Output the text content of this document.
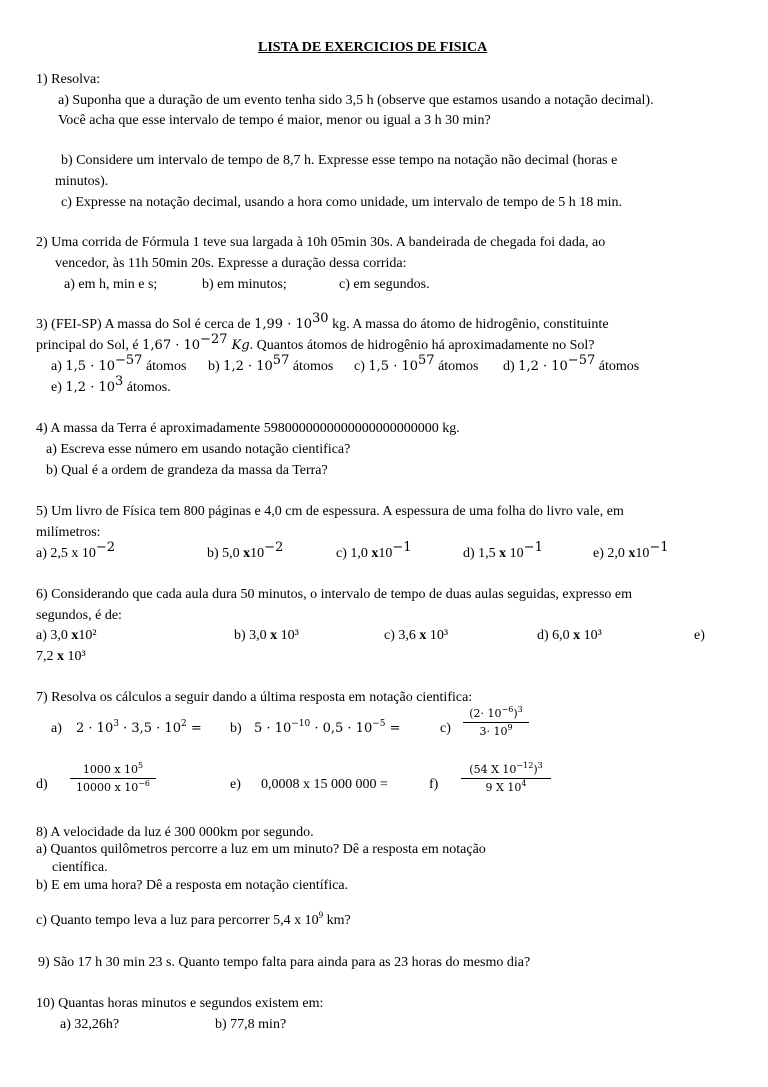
LISTA DE EXERCICIOS DE FISICA
1) Resolva:
a) Suponha que a duração de um evento tenha sido 3,5 h (observe que estamos usando a notação decimal).
Você acha que esse intervalo de tempo é maior, menor ou igual a 3 h 30 min?
b) Considere um intervalo de tempo de 8,7 h. Expresse esse tempo na notação não decimal (horas e
minutos).
c) Expresse na notação decimal, usando a hora como unidade, um intervalo de tempo de 5 h 18 min.
2) Uma corrida de Fórmula 1 teve sua largada à 10h 05min 30s. A bandeirada de chegada foi dada, ao
vencedor, às 11h 50min 20s. Expresse a duração dessa corrida:
a) em h, min e s;	b) em minutos;	c) em segundos.
3) (FEI-SP) A massa do Sol é cerca de $1,99 \cdot 10^{30}$ kg. A massa do átomo de hidrogênio, constituinte
principal do Sol, é $1,67 \cdot 10^{-27}$ Kg. Quantos átomos de hidrogênio há aproximadamente no Sol?
a) $1,5 \cdot 10^{-57}$ átomos b) $1,2 \cdot 10^{57}$ átomos c) $1,5 \cdot 10^{57}$ átomos d) $1,2 \cdot 10^{-57}$ átomos
e) $1,2 \cdot 10^3$ átomos.
4) A massa da Terra é aproximadamente 5980000000000000000000000 kg.
a) Escreva esse número em usando notação cientifica?
b) Qual é a ordem de grandeza da massa da Terra?
5) Um livro de Física tem 800 páginas e 4,0 cm de espessura. A espessura de uma folha do livro vale, em
milímetros:
a) 2,5 x $10^{-2}$	b) 5,0 $x10^{-2}$	c) 1,0 $x10^{-1}$	d) 1,5 x $10^{-1}$	e) 2,0 $x10^{-1}$
6) Considerando que cada aula dura 50 minutos, o intervalo de tempo de duas aulas seguidas, expresso em
segundos, é de:
a) 3,0 x10²	b) 3,0 x 10³	c) 3,6 x 10³	d) 6,0 x 10³	e)
7,2 x 10³
7) Resolva os cálculos a seguir dando a última resposta em notação cientifica:
a) $2 \cdot 10^3 \cdot 3,5 \cdot 10^2 = b$) $5 \cdot 10^{-10} \cdot 0,5 \cdot 10^{-5}$ =	$c) \frac{(2\cdot 10^{-6})^3}{3\cdot 10^9}$
$d) \frac{1000 x 10^5}{10000 x 10^{-6}}$	e) 0,0008 x 15 000 000 =	$f) \frac{(54 X 10^{-12})^3}{9 X 10^4}$
8) A velocidade da luz é 300 000km por segundo.
a) Quantos quilômetros percorre a luz em um minuto? Dê a resposta em notação
científica.
b) E em uma hora? Dê a resposta em notação científica.
c) Quanto tempo leva a luz para percorrer 5,4 x $10^9$ km?
9) São 17 h 30 min 23 s. Quanto tempo falta para ainda para as 23 horas do mesmo dia?
10) Quantas horas minutos e segundos existem em:
a) 32,26h?	b) 77,8 min?
